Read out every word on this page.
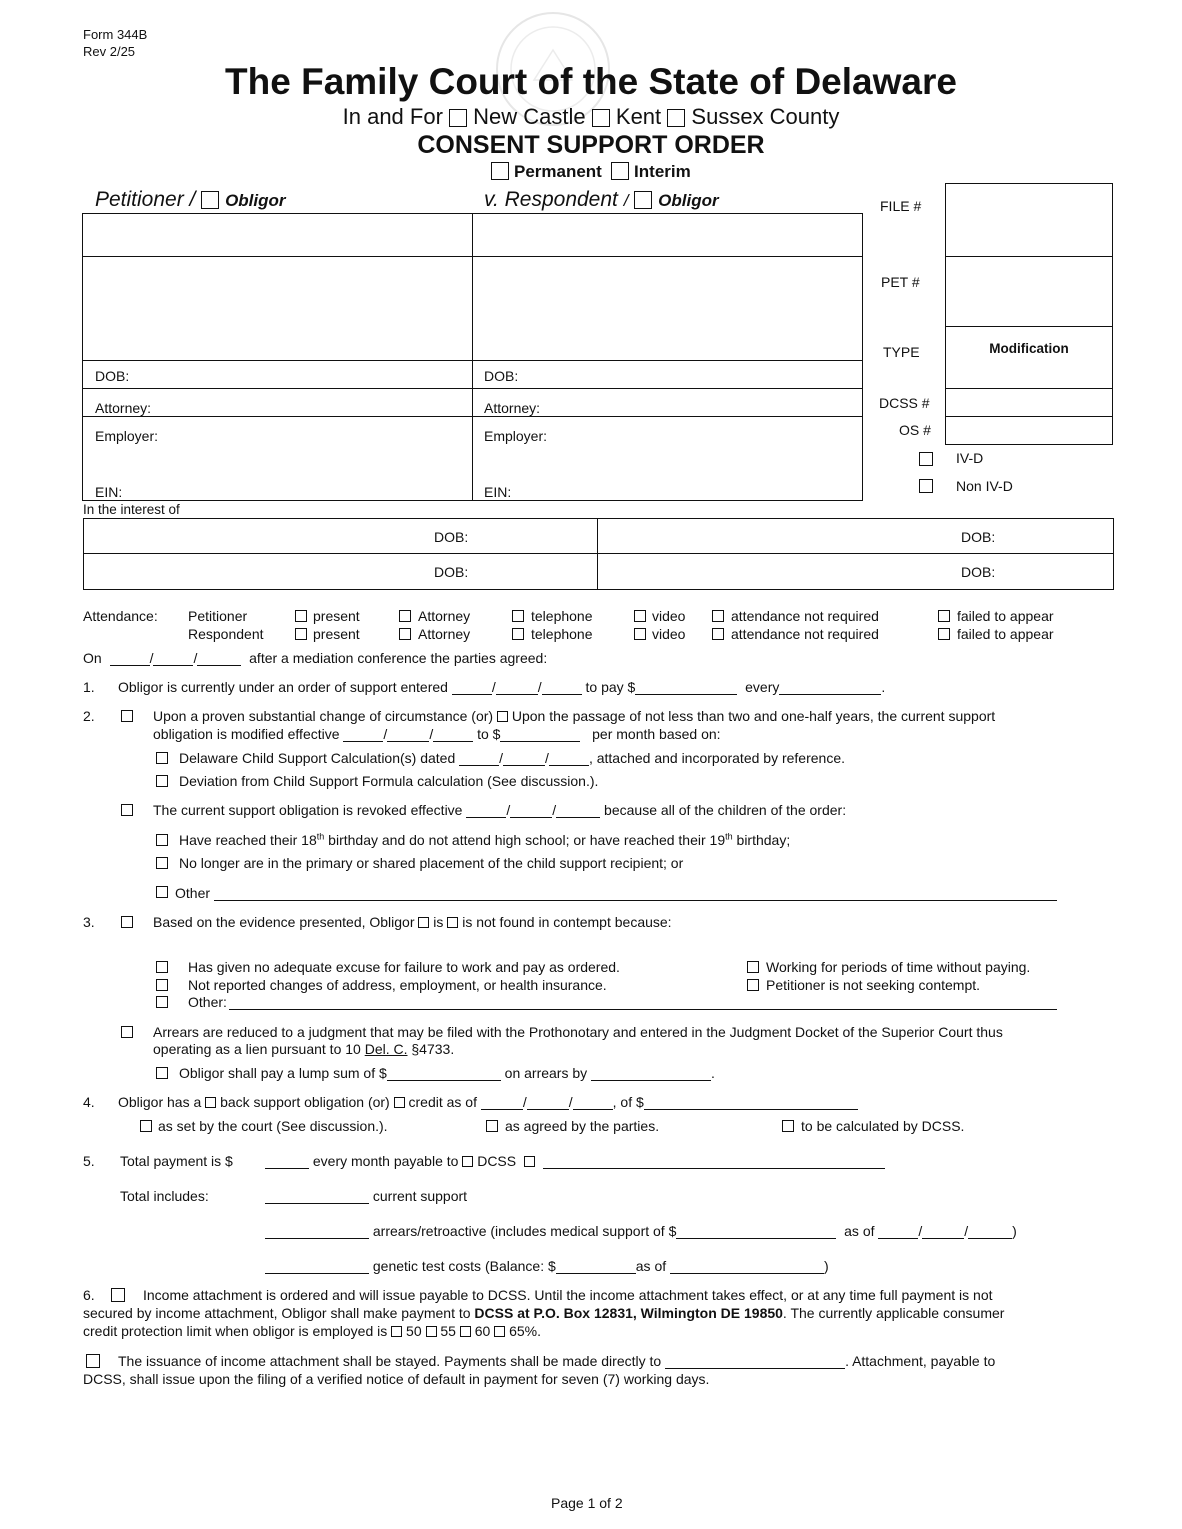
Form 344B
Rev 2/25
The Family Court of the State of Delaware
In and For New Castle Kent Sussex County
CONSENT SUPPORT ORDER
Permanent Interim
Petitioner / Obligor	v. Respondent / Obligor
DOB:	DOB:
Attorney:	Attorney:
Employer:	Employer:
EIN:	EIN:
FILE #
PET #
TYPE	Modification
DCSS #
OS #
IV-D
Non IV-D
In the interest of
DOB:	DOB:
DOB:	DOB:
Attendance: Petitioner
Respondent
present	Attorney	telephone	video	attendance not required	failed to appear
present	Attorney	telephone	video	attendance not required	failed to appear
On	/	/	after a mediation conference the parties agreed:
1. Obligor is currently under an order of support entered	/	/	to pay $	every	.
2.	Upon a proven substantial change of circumstance (or) Upon the passage of not less than two and one-half years, the current support
obligation is modified effective	/	/	to $	per month based on:
Delaware Child Support Calculation(s) dated	/	/	, attached and incorporated by reference.
Deviation from Child Support Formula calculation (See discussion.).
The current support obligation is revoked effective	/	/	because all of the children of the order:
Have reached their 18th birthday and do not attend high school; or have reached their 19th birthday;
No longer are in the primary or shared placement of the child support recipient; or
Other
3.	Based on the evidence presented, Obligor is is not found in contempt because:
Has given no adequate excuse for failure to work and pay as ordered.	Working for periods of time without paying.
Not reported changes of address, employment, or health insurance.	Petitioner is not seeking contempt.
Other:
Arrears are reduced to a judgment that may be filed with the Prothonotary and entered in the Judgment Docket of the Superior Court thus
operating as a lien pursuant to 10 Del. C. §4733.
Obligor shall pay a lump sum of $	on arrears by	.
4. Obligor has a back support obligation (or) credit as of	/	/	, of $
as set by the court (See discussion.).	as agreed by the parties.	to be calculated by DCSS.
5. Total payment is $	every month payable to DCSS
Total includes:	current support
arrears/retroactive (includes medical support of $	as of	/	/	)
genetic test costs (Balance: $	as of	)
6.	Income attachment is ordered and will issue payable to DCSS. Until the income attachment takes effect, or at any time full payment is not
secured by income attachment, Obligor shall make payment to DCSS at P.O. Box 12831, Wilmington DE 19850. The currently applicable consumer
credit protection limit when obligor is employed is 50 55 60 65%.
The issuance of income attachment shall be stayed. Payments shall be made directly to	. Attachment, payable to
DCSS, shall issue upon the filing of a verified notice of default in payment for seven (7) working days.
Page 1 of 2
